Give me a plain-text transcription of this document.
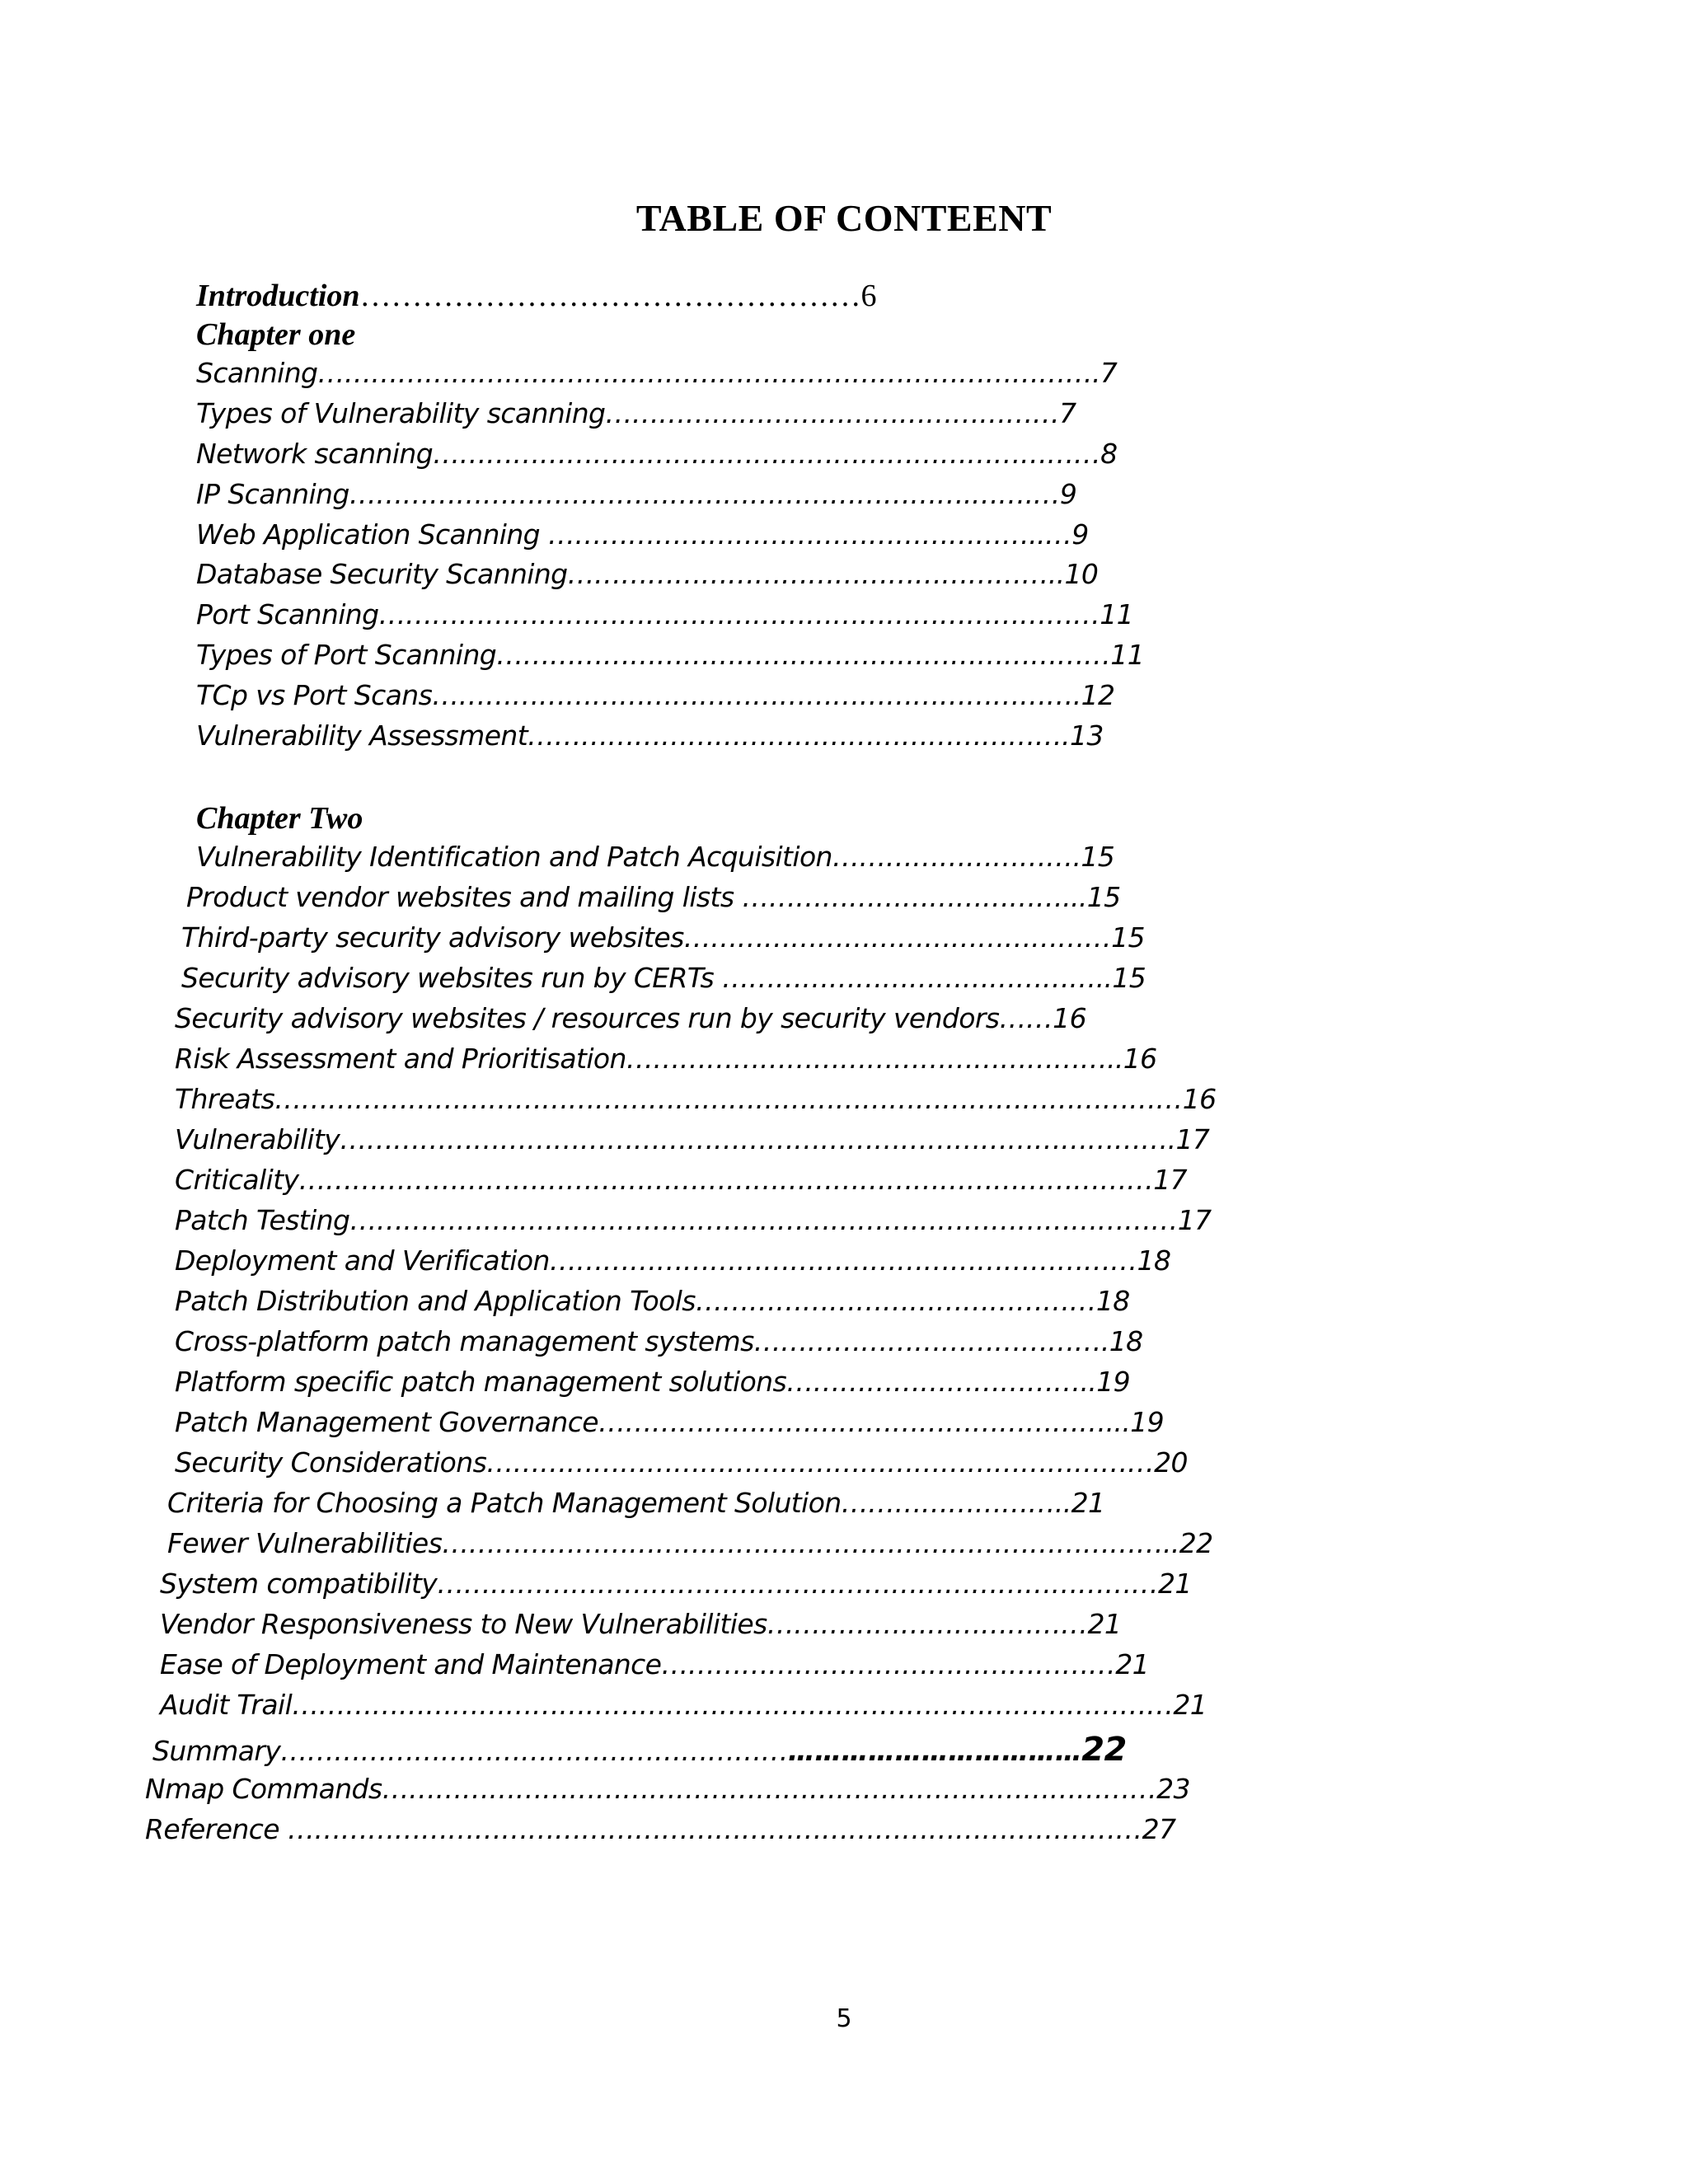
TABLE OF CONTEENT
Introduction…………………………………………6
Chapter one
Scanning…………………………………………………………………………….7
Types of Vulnerability scanning……………………………………………7
Network scanning…………………………………………………………………8
IP Scanning…………………………………………………………….…….…9
Web Application Scanning ………………………………………………..…9
Database Security Scanning………………………………………………..10
Port Scanning………………………………………………………………………11
Types of Port Scanning……………………………………………………………11
TCp vs Port Scans……………………………………………………………….12
Vulnerability Assessment…………………………………………………….13
Chapter Two
Vulnerability Identification and Patch Acquisition……………………….15
Product vendor websites and mailing lists ………………………………...15
Third-party security advisory websites…………………………………………15
Security advisory websites run by CERTs ……………………………………..15
Security advisory websites / resources run by security vendors……16
Risk Assessment and Prioritisation………………………………………………..16
Threats…………………………………………………………………………………………16
Vulnerability………………………………………………………………………………….17
Criticality……………………………………………………………………………………17
Patch Testing…………………………………………………………………………………17
Deployment and Verification…………………………………………………………18
Patch Distribution and Application Tools………………………………………18
Cross-platform patch management systems………………………………….18
Platform specific patch management solutions……………………………..19
Patch Management Governance…………………………………………………...19
Security Considerations…………………………………………………………………20
Criteria for Choosing a Patch Management Solution……………………..21
Fewer Vulnerabilities………………………………………………………………………..22
System compatibility………………………………………………………………………21
Vendor Responsiveness to New Vulnerabilities………………………………21
Ease of Deployment and Maintenance……………………………………………21
Audit Trail………………………………………………………………………………………21
Summary………………………………………………………………………………22
Nmap Commands……………………………………………………………………………23
Reference ……………………………………………………………………………………27
5
